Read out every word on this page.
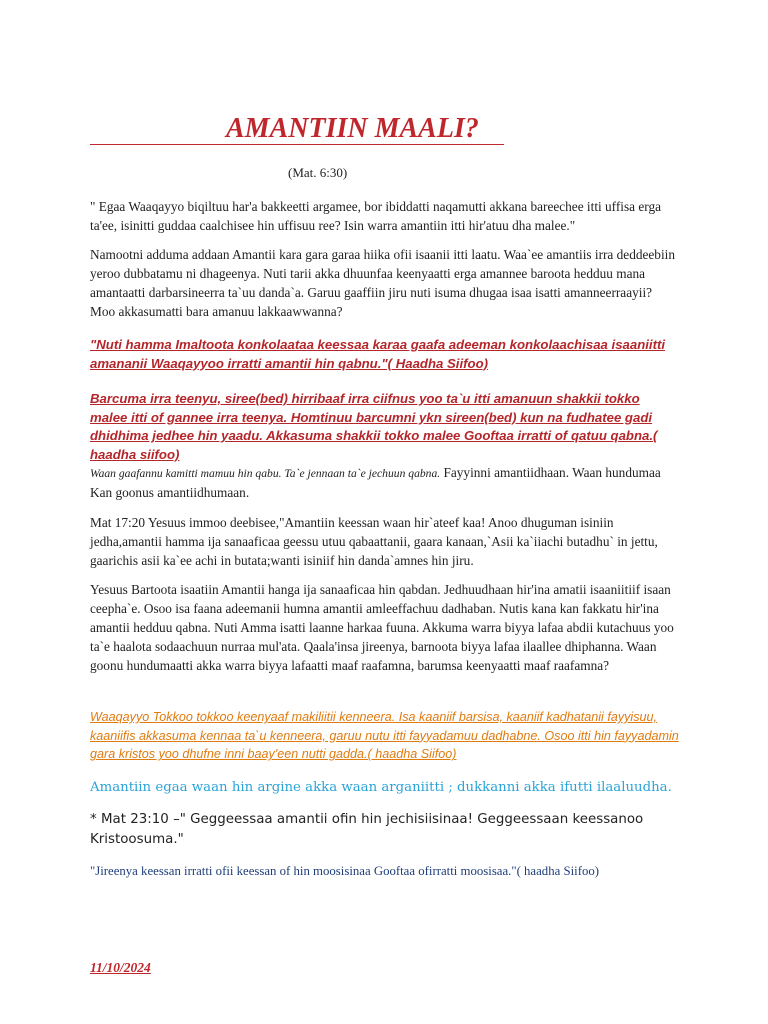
AMANTIIN MAALI?
(Mat. 6:30)

" Egaa Waaqayyo biqiltuu har'a bakkeetti argamee, bor ibiddatti naqamutti akkana bareechee itti uffisa erga ta'ee, isinitti guddaa caalchisee hin uffisuu ree? Isin warra amantiin itti hir'atuu dha malee."

Namootni adduma addaan Amantii kara gara garaa hiika ofii isaanii itti laatu. Waa`ee amantiis irra deddeebiin yeroo dubbatamu ni dhageenya. Nuti tarii akka dhuunfaa keenyaatti erga amannee baroota hedduu mana amantaatti darbarsineerra ta`uu danda`a. Garuu gaaffiin jiru nuti isuma dhugaa isaa isatti amanneerraayii? Moo akkasumatti bara amanuu lakkaawwanna?

"Nuti hamma Imaltoota konkolaataa keessaa karaa gaafa adeeman konkolaachisaa isaaniitti amananii Waaqayyoo irratti amantii hin qabnu."( Haadha Siifoo)

Barcuma irra teenyu, siree(bed) hirribaaf irra ciifnus yoo ta`u itti amanuun shakkii tokko malee itti of gannee irra teenya. Homtinuu barcumni ykn sireen(bed) kun na fudhatee gadi dhidhima jedhee hin yaadu. Akkasuma shakkii tokko malee Gooftaa irratti of qatuu qabna.( haadha siifoo)

Waan gaafannu kamitti mamuu hin qabu. Ta`e jennaan ta`e jechuun qabna. Fayyinni amantiidhaan. Waan hundumaa Kan goonus amantiidhumaan.

Mat 17:20 Yesuus immoo deebisee,"Amantiin keessan waan hir`ateef kaa! Anoo dhuguman isiniin jedha,amantii hamma ija sanaaficaa geessu utuu qabaattanii, gaara kanaan,`Asii ka`iiachi butadhu` in jettu, gaarichis asii ka`ee achi in butata;wanti isiniif hin danda`amnes hin jiru.

Yesuus Bartoota isaatiin Amantii hanga ija sanaaficaa hin qabdan. Jedhuudhaan hir'ina amatii isaaniitiif isaan ceepha`e. Osoo isa faana adeemanii humna amantii amleeffachuu dadhaban. Nutis kana kan fakkatu hir'ina amantii hedduu qabna. Nuti Amma isatti laanne harkaa fuuna. Akkuma warra biyya lafaa abdii kutachuus yoo ta`e haalota sodaachuun nurraa mul'ata. Qaala'insa jireenya, barnoota biyya lafaa ilaallee dhiphanna. Waan goonu hundumaatti akka warra biyya lafaatti maaf raafamna, barumsa keenyaatti maaf raafamna?

Waaqayyo Tokkoo tokkoo keenyaaf makiliitii kenneera. Isa kaaniif barsisa, kaaniif kadhatanii fayyisuu, kaaniifis akkasuma kennaa ta`u kenneera, garuu nutu itti fayyadamuu dadhabne. Osoo itti hin fayyadamin gara kristos yoo dhufne inni baay'een nutti gadda.( haadha Siifoo)

Amantiin egaa waan hin argine akka waan arganiitti ; dukkanni akka ifutti ilaaluudha.

* Mat 23:10 –" Geggeessaa amantii ofin hin jechisiisinaa! Geggeessaan keessanoo Kristoosuma."

"Jireenya keessan irratti ofii keessan of hin moosisinaa Gooftaa ofirratti moosisaa."( haadha Siifoo)

11/10/2024
